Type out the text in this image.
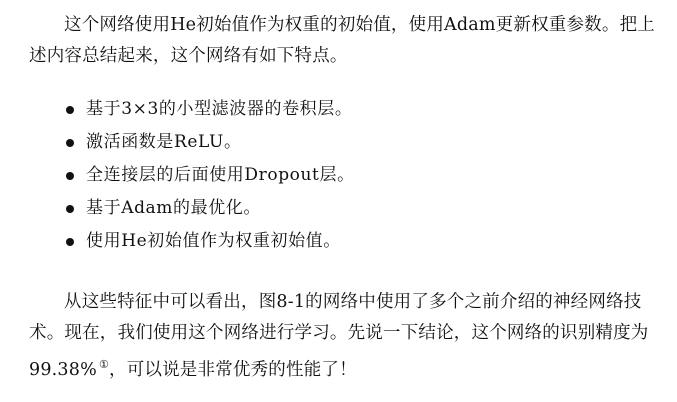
这个网络使用He初始值作为权重的初始值，使用Adam更新权重参数。把上述内容总结起来，这个网络有如下特点。

基于3×3的小型滤波器的卷积层。
激活函数是ReLU。
全连接层的后面使用Dropout层。
基于Adam的最优化。
使用He初始值作为权重初始值。

从这些特征中可以看出，图8-1的网络中使用了多个之前介绍的神经网络技术。现在，我们使用这个网络进行学习。先说一下结论，这个网络的识别精度为99.38% ①，可以说是非常优秀的性能了！
